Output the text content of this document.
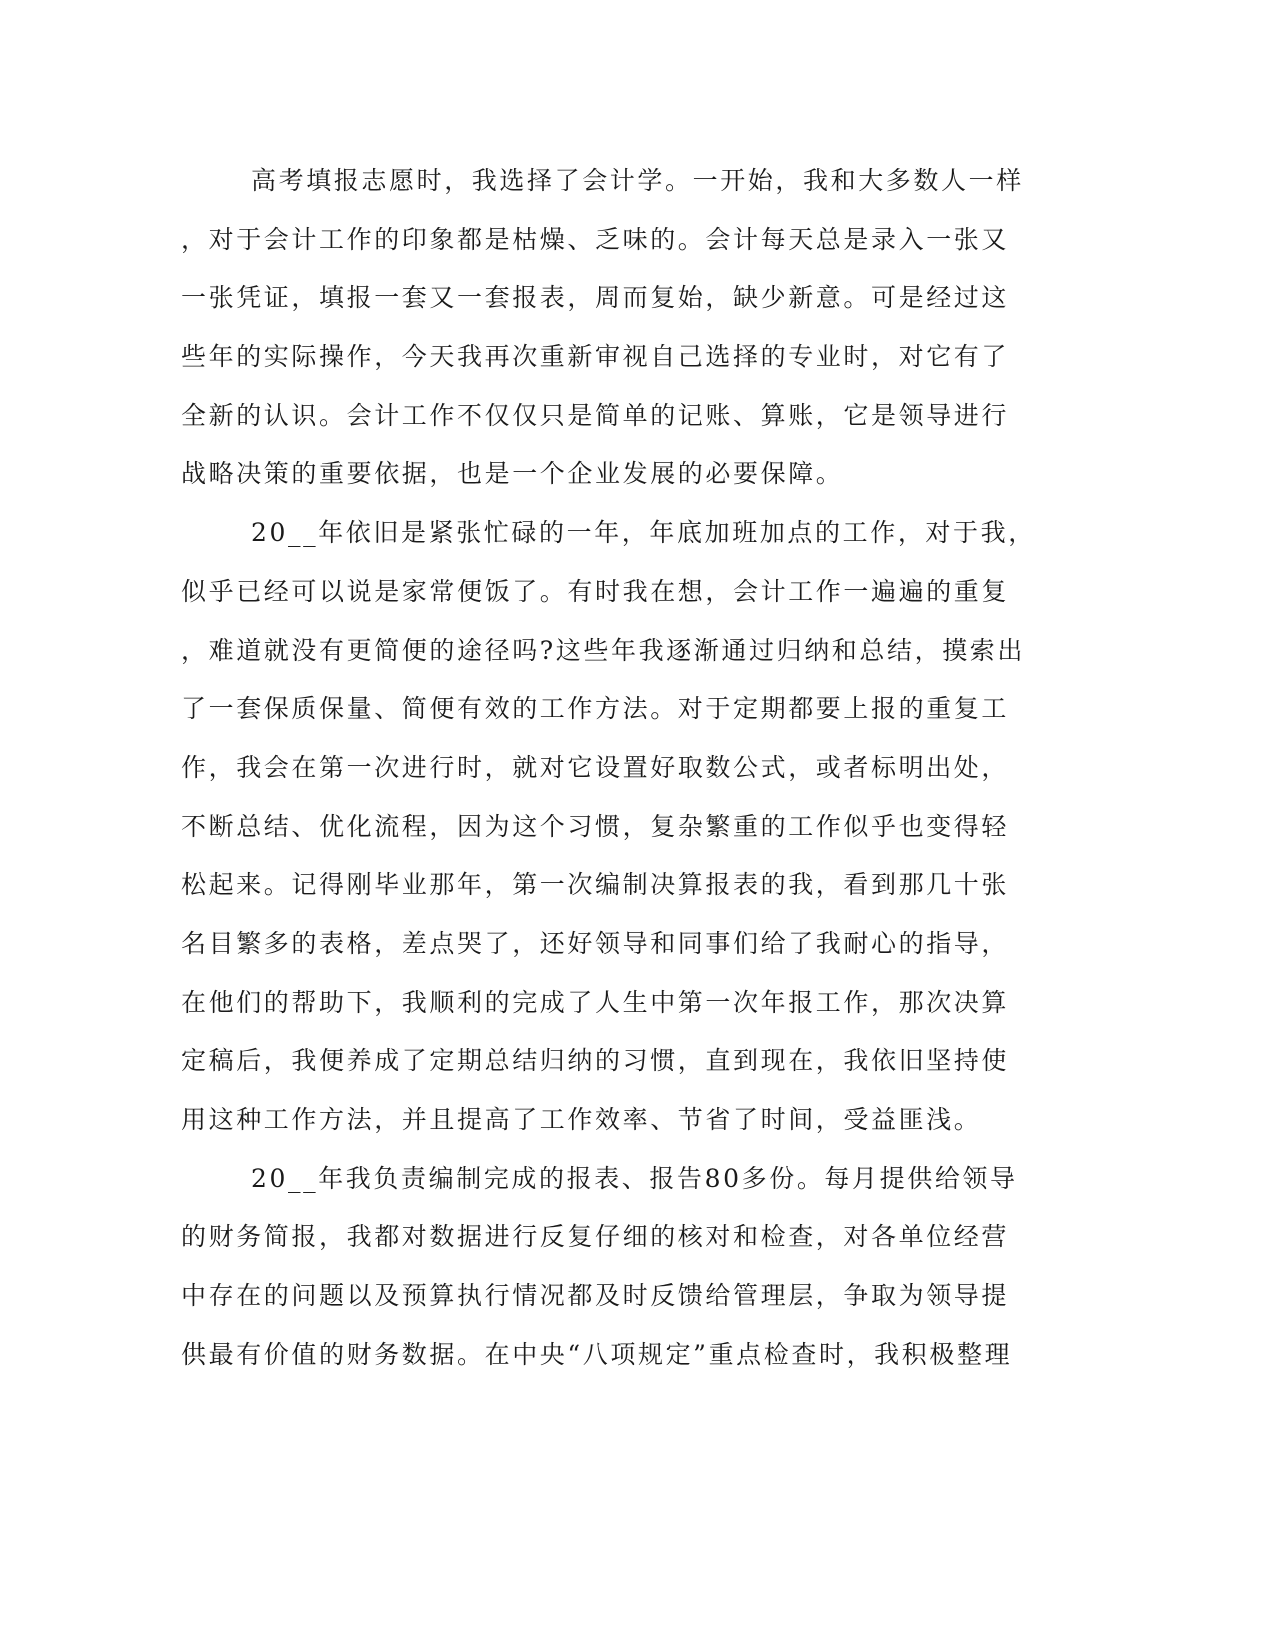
高考填报志愿时，我选择了会计学。一开始，我和大多数人一样
，对于会计工作的印象都是枯燥、乏味的。会计每天总是录入一张又
一张凭证，填报一套又一套报表，周而复始，缺少新意。可是经过这
些年的实际操作，今天我再次重新审视自己选择的专业时，对它有了
全新的认识。会计工作不仅仅只是简单的记账、算账，它是领导进行
战略决策的重要依据，也是一个企业发展的必要保障。
20__年依旧是紧张忙碌的一年，年底加班加点的工作，对于我，
似乎已经可以说是家常便饭了。有时我在想，会计工作一遍遍的重复
，难道就没有更简便的途径吗?这些年我逐渐通过归纳和总结，摸索出
了一套保质保量、简便有效的工作方法。对于定期都要上报的重复工
作，我会在第一次进行时，就对它设置好取数公式，或者标明出处，
不断总结、优化流程，因为这个习惯，复杂繁重的工作似乎也变得轻
松起来。记得刚毕业那年，第一次编制决算报表的我，看到那几十张
名目繁多的表格，差点哭了，还好领导和同事们给了我耐心的指导，
在他们的帮助下，我顺利的完成了人生中第一次年报工作，那次决算
定稿后，我便养成了定期总结归纳的习惯，直到现在，我依旧坚持使
用这种工作方法，并且提高了工作效率、节省了时间，受益匪浅。
20__年我负责编制完成的报表、报告80多份。每月提供给领导
的财务简报，我都对数据进行反复仔细的核对和检查，对各单位经营
中存在的问题以及预算执行情况都及时反馈给管理层，争取为领导提
供最有价值的财务数据。在中央“八项规定”重点检查时，我积极整理
